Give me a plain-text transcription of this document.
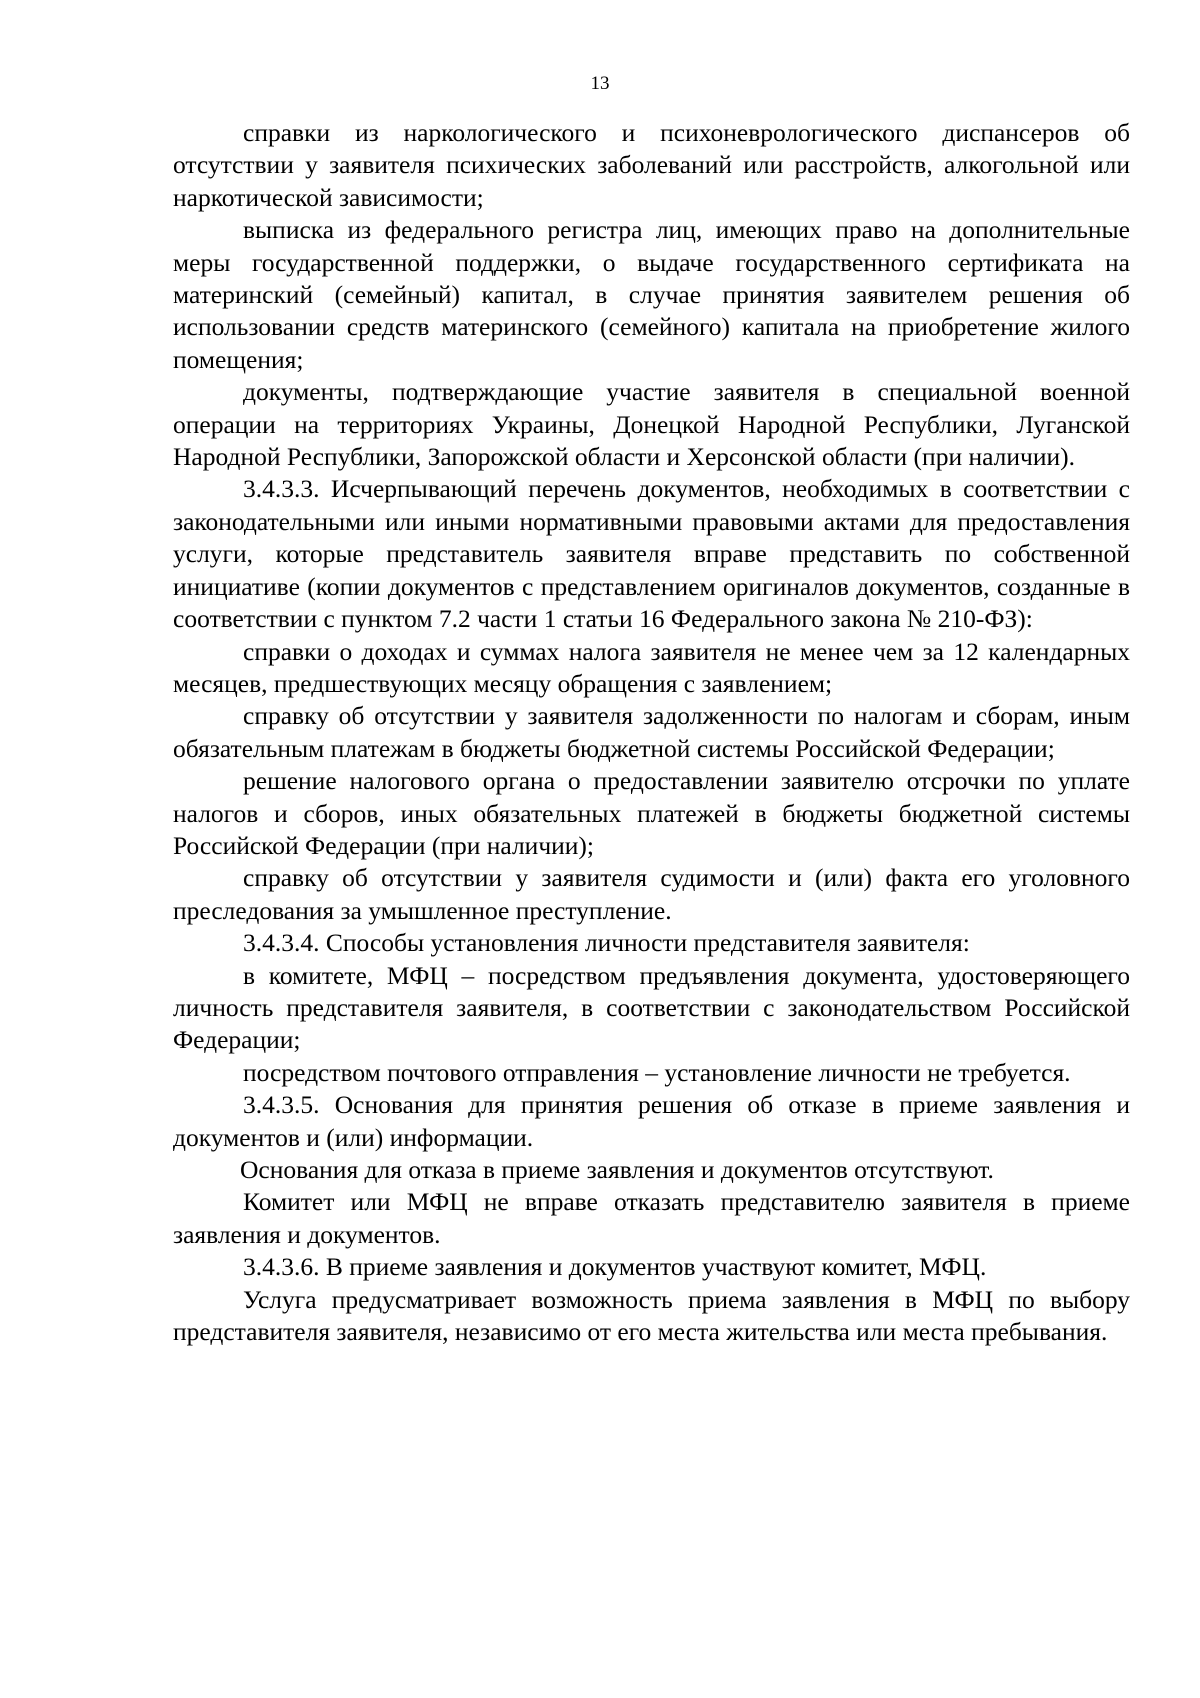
13

справки из наркологического и психоневрологического диспансеров об отсутствии у заявителя психических заболеваний или расстройств, алкогольной или наркотической зависимости;

выписка из федерального регистра лиц, имеющих право на дополнительные меры государственной поддержки, о выдаче государственного сертификата на материнский (семейный) капитал, в случае принятия заявителем решения об использовании средств материнского (семейного) капитала на приобретение жилого помещения;

документы, подтверждающие участие заявителя в специальной военной операции на территориях Украины, Донецкой Народной Республики, Луганской Народной Республики, Запорожской области и Херсонской области (при наличии).

3.4.3.3. Исчерпывающий перечень документов, необходимых в соответствии с законодательными или иными нормативными правовыми актами для предоставления услуги, которые представитель заявителя вправе представить по собственной инициативе (копии документов с представлением оригиналов документов, созданные в соответствии с пунктом 7.2 части 1 статьи 16 Федерального закона № 210-ФЗ):

справки о доходах и суммах налога заявителя не менее чем за 12 календарных месяцев, предшествующих месяцу обращения с заявлением;

справку об отсутствии у заявителя задолженности по налогам и сборам, иным обязательным платежам в бюджеты бюджетной системы Российской Федерации;

решение налогового органа о предоставлении заявителю отсрочки по уплате налогов и сборов, иных обязательных платежей в бюджеты бюджетной системы Российской Федерации (при наличии);

справку об отсутствии у заявителя судимости и (или) факта его уголовного преследования за умышленное преступление.

3.4.3.4. Способы установления личности представителя заявителя:

в комитете, МФЦ – посредством предъявления документа, удостоверяющего личность представителя заявителя, в соответствии с законодательством Российской Федерации;

посредством почтового отправления – установление личности не требуется.

3.4.3.5. Основания для принятия решения об отказе в приеме заявления и документов и (или) информации.

Основания для отказа в приеме заявления и документов отсутствуют.

Комитет или МФЦ не вправе отказать представителю заявителя в приеме заявления и документов.

3.4.3.6. В приеме заявления и документов участвуют комитет, МФЦ.

Услуга предусматривает возможность приема заявления в МФЦ по выбору представителя заявителя, независимо от его места жительства или места пребывания.
